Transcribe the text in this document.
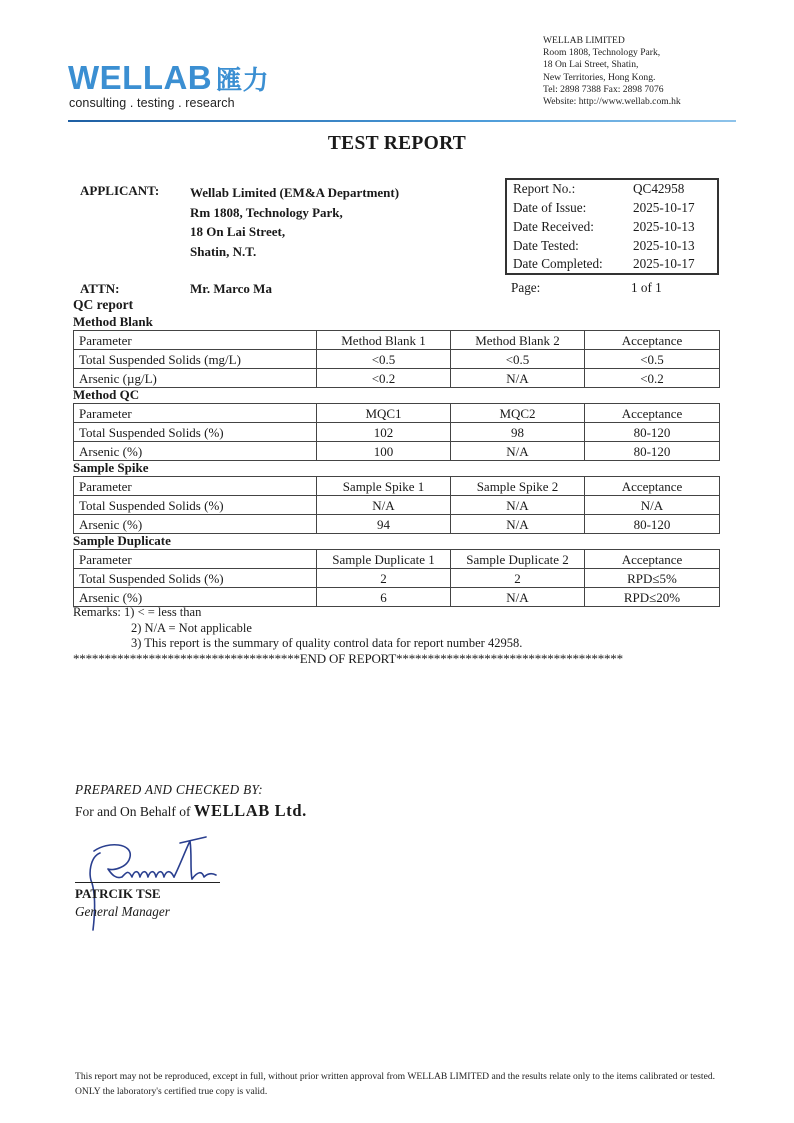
WELLAB 匯力
consulting . testing . research
WELLAB LIMITED
Room 1808, Technology Park,
18 On Lai Street, Shatin,
New Territories, Hong Kong.
Tel: 2898 7388 Fax: 2898 7076
Website: http://www.wellab.com.hk
TEST REPORT
APPLICANT: Wellab Limited (EM&A Department)
Rm 1808, Technology Park,
18 On Lai Street,
Shatin, N.T.
ATTN:	Mr. Marco Ma
Report No.:	QC42958
Date of Issue:	2025-10-17
Date Received:	2025-10-13
Date Tested:	2025-10-13
Date Completed: 2025-10-17
Page:	1 of 1
QC report
Method Blank
Parameter	Method Blank 1	Method Blank 2	Acceptance
Total Suspended Solids (mg/L)	<0.5	<0.5	<0.5
Arsenic (µg/L)	<0.2	N/A	<0.2
Method QC
Parameter	MQC1	MQC2	Acceptance
Total Suspended Solids (%)	102	98	80-120
Arsenic (%)	100	N/A	80-120
Sample Spike
Parameter	Sample Spike 1	Sample Spike 2	Acceptance
Total Suspended Solids (%)	N/A	N/A	N/A
Arsenic (%)	94	N/A	80-120
Sample Duplicate
Parameter	Sample Duplicate 1	Sample Duplicate 2	Acceptance
Total Suspended Solids (%)	2	2	RPD≤5%
Arsenic (%)	6	N/A	RPD≤20%
Remarks: 1) < = less than
2) N/A = Not applicable
3) This report is the summary of quality control data for report number 42958.
************************************END OF REPORT************************************
PREPARED AND CHECKED BY:
For and On Behalf of WELLAB Ltd.
PATRCIK TSE
General Manager
This report may not be reproduced, except in full, without prior written approval from WELLAB LIMITED and the results relate only to the items calibrated or tested. ONLY the laboratory's certified true copy is valid.
